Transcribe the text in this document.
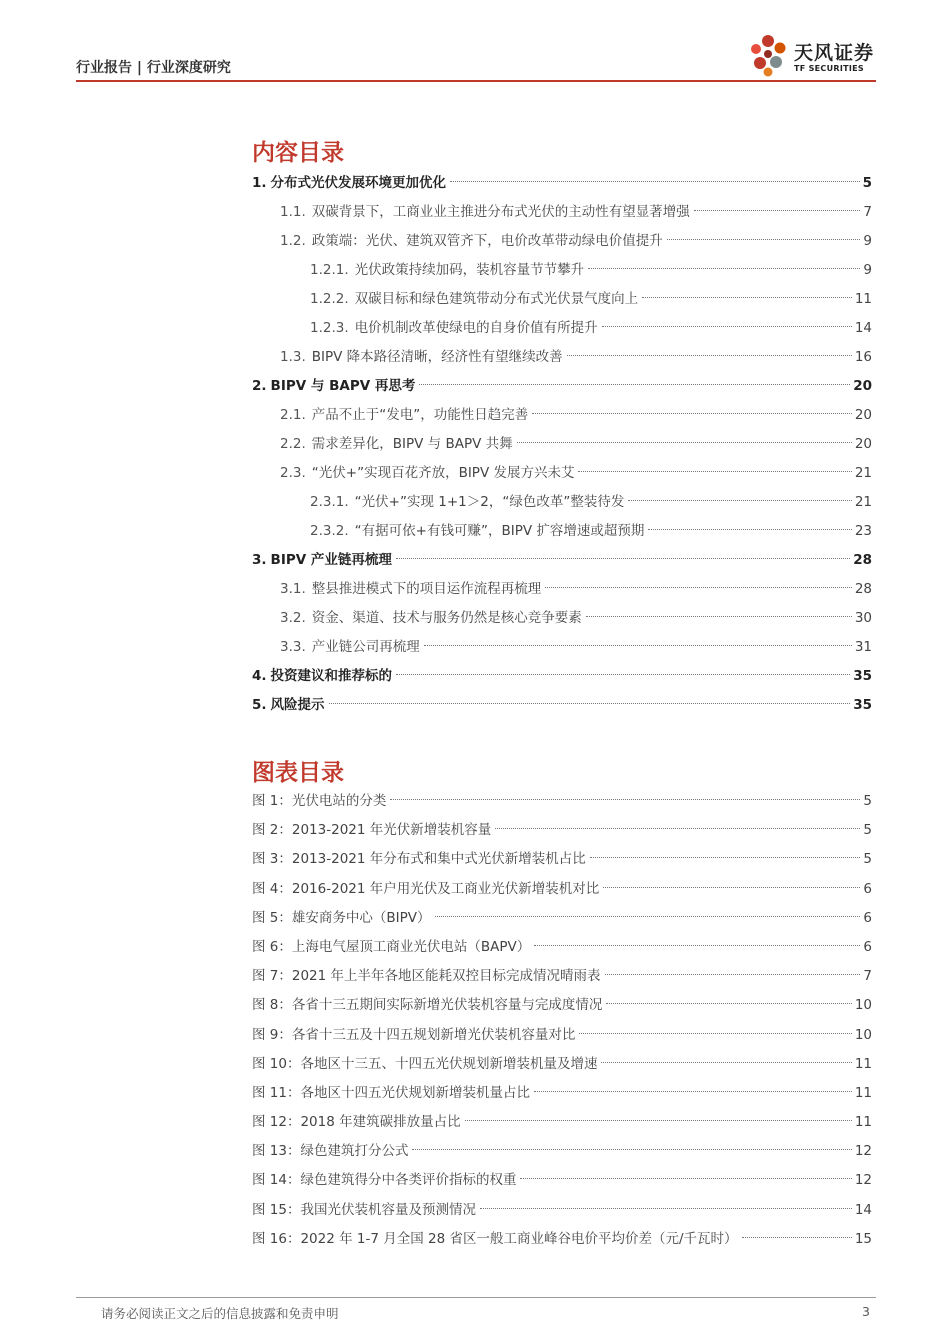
行业报告 | 行业深度研究
天风证券
TF SECURITIES
内容目录
1. 分布式光伏发展环境更加优化	5
1.1. 双碳背景下，工商业业主推进分布式光伏的主动性有望显著增强	7
1.2. 政策端：光伏、建筑双管齐下，电价改革带动绿电价值提升	9
1.2.1. 光伏政策持续加码，装机容量节节攀升	9
1.2.2. 双碳目标和绿色建筑带动分布式光伏景气度向上	11
1.2.3. 电价机制改革使绿电的自身价值有所提升	14
1.3. BIPV 降本路径清晰，经济性有望继续改善	16
2. BIPV 与 BAPV 再思考	20
2.1. 产品不止于“发电”，功能性日趋完善	20
2.2. 需求差异化，BIPV 与 BAPV 共舞	20
2.3. “光伏+”实现百花齐放，BIPV 发展方兴未艾	21
2.3.1. “光伏+”实现 1+1＞2，“绿色改革”整装待发	21
2.3.2. “有据可依+有钱可赚”，BIPV 扩容增速或超预期	23
3. BIPV 产业链再梳理	28
3.1. 整县推进模式下的项目运作流程再梳理	28
3.2. 资金、渠道、技术与服务仍然是核心竞争要素	30
3.3. 产业链公司再梳理	31
4. 投资建议和推荐标的	35
5. 风险提示	35
图表目录
图 1：光伏电站的分类	5
图 2：2013-2021 年光伏新增装机容量	5
图 3：2013-2021 年分布式和集中式光伏新增装机占比	5
图 4：2016-2021 年户用光伏及工商业光伏新增装机对比	6
图 5：雄安商务中心（BIPV）	6
图 6：上海电气屋顶工商业光伏电站（BAPV）	6
图 7：2021 年上半年各地区能耗双控目标完成情况晴雨表	7
图 8：各省十三五期间实际新增光伏装机容量与完成度情况	10
图 9：各省十三五及十四五规划新增光伏装机容量对比	10
图 10：各地区十三五、十四五光伏规划新增装机量及增速	11
图 11：各地区十四五光伏规划新增装机量占比	11
图 12：2018 年建筑碳排放量占比	11
图 13：绿色建筑打分公式	12
图 14：绿色建筑得分中各类评价指标的权重	12
图 15：我国光伏装机容量及预测情况	14
图 16：2022 年 1-7 月全国 28 省区一般工商业峰谷电价平均价差（元/千瓦时）	15
请务必阅读正文之后的信息披露和免责申明	3
